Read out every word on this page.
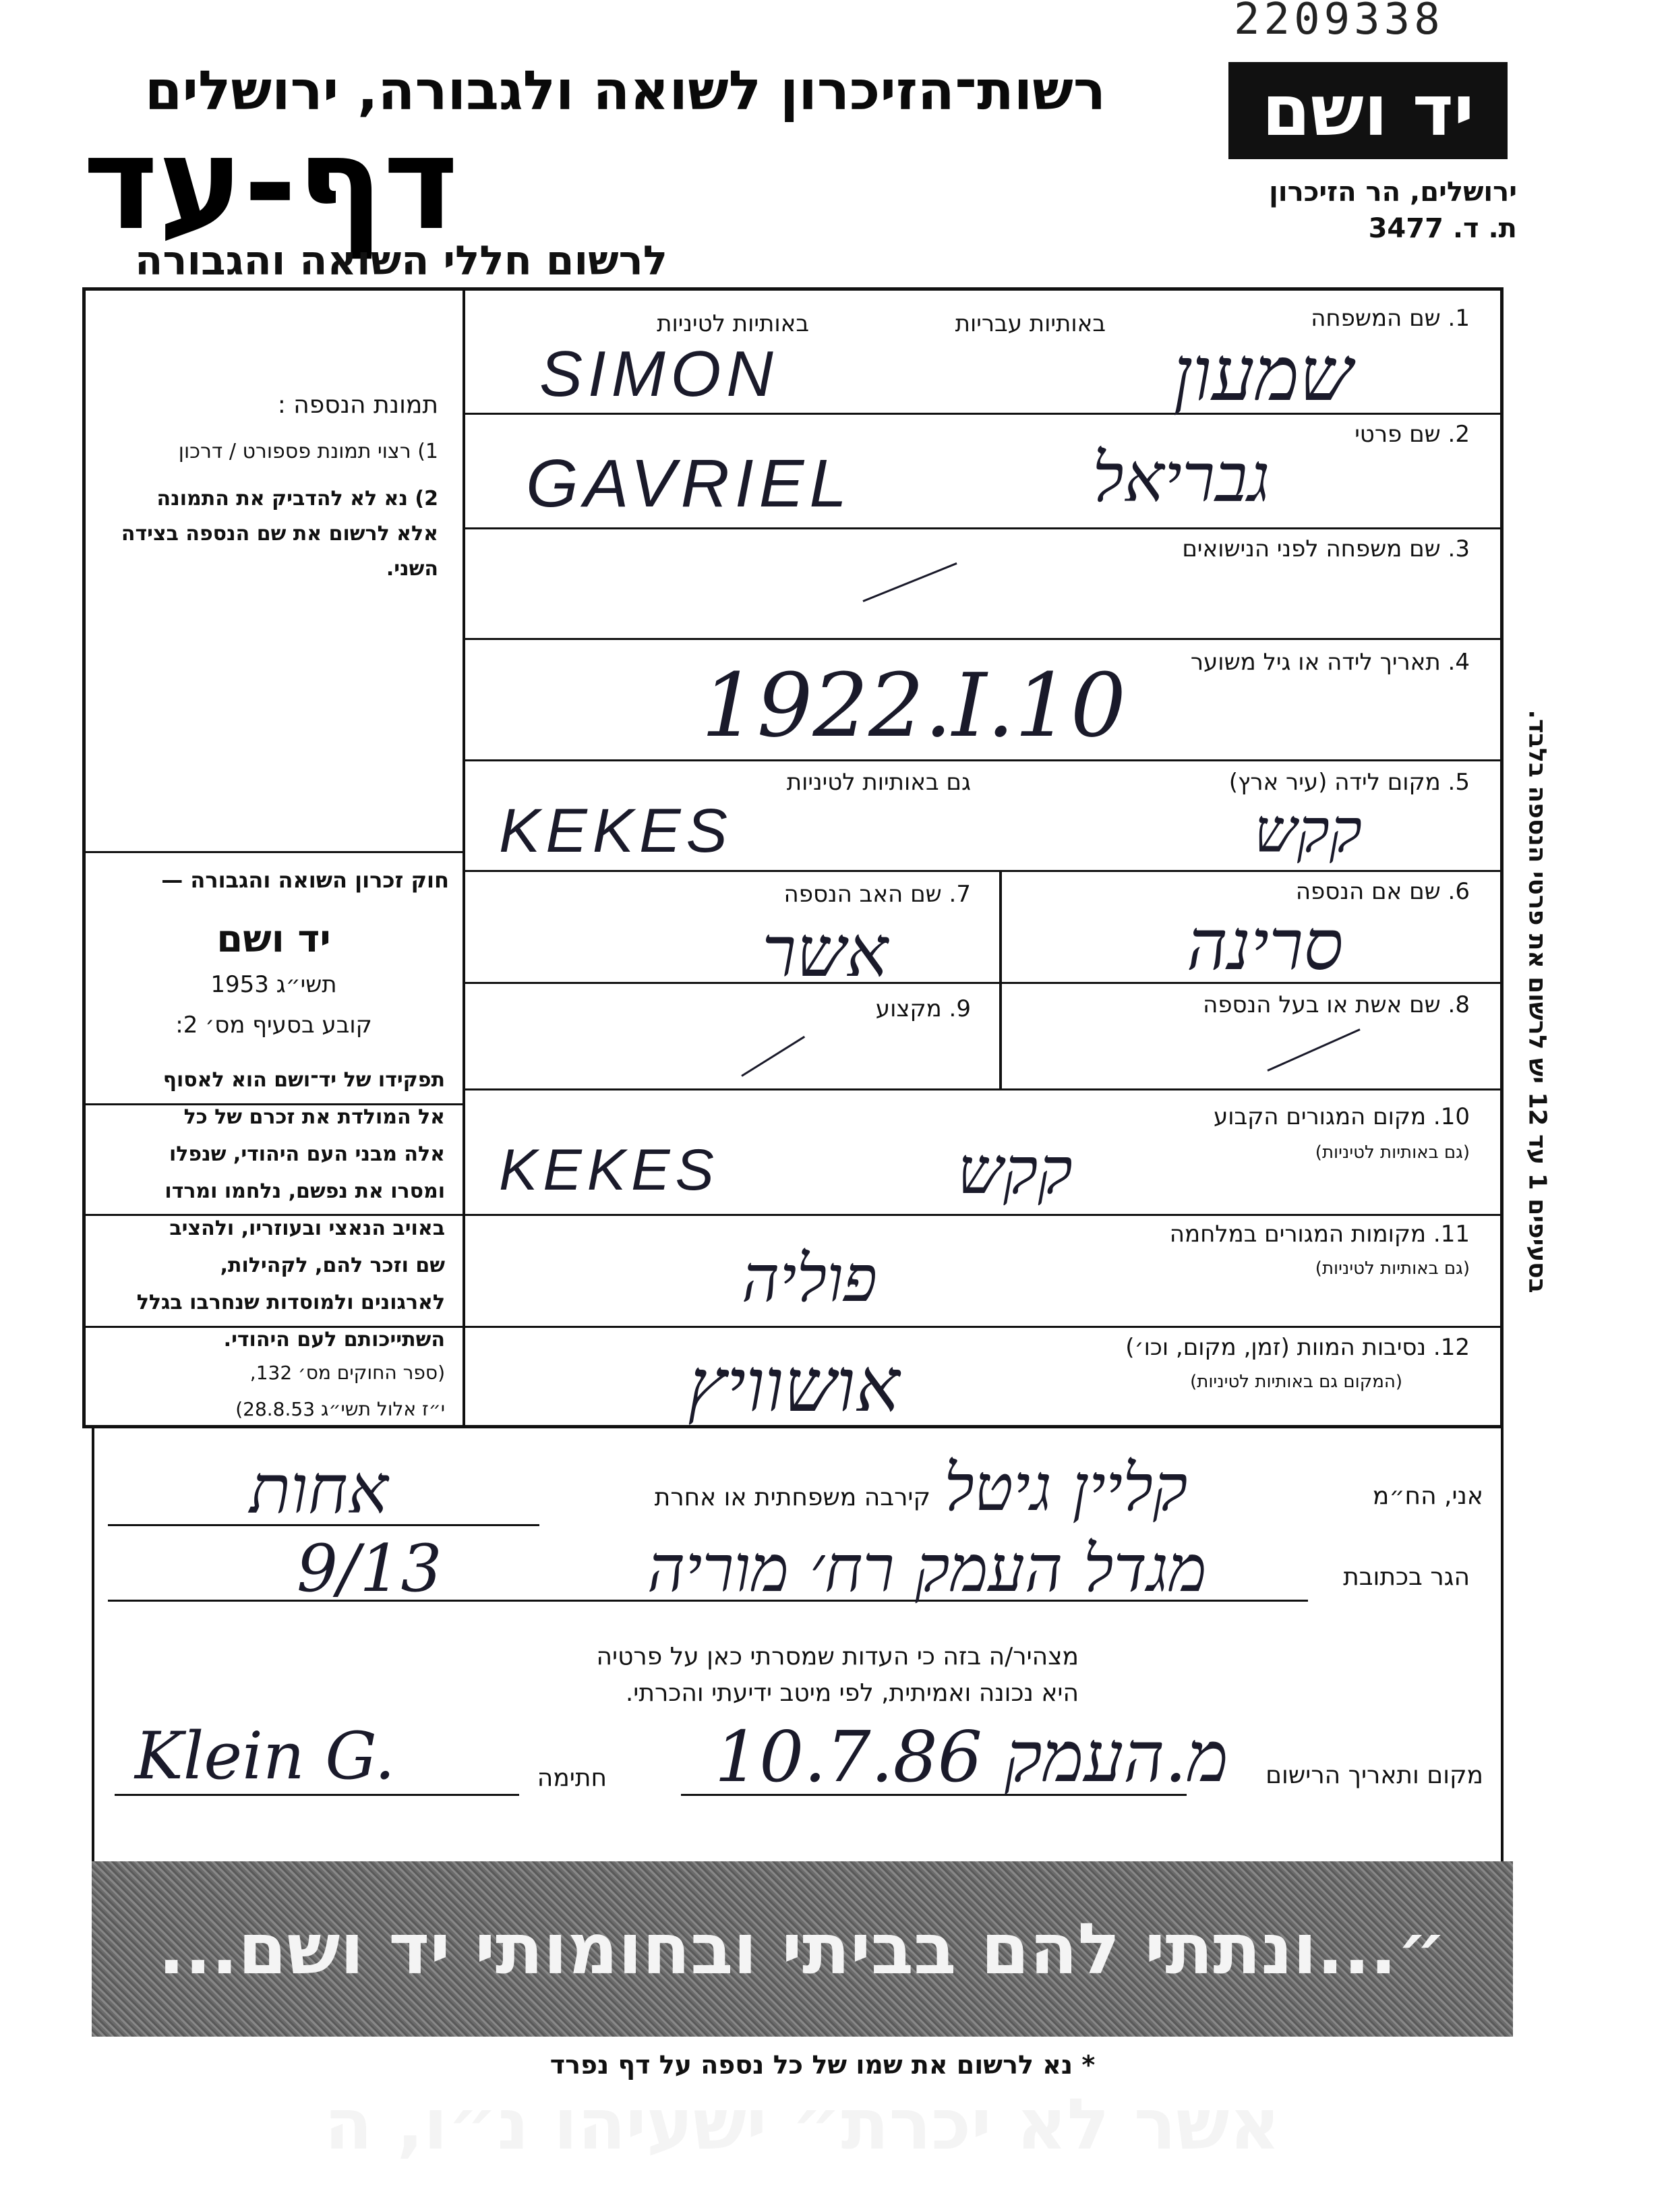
2209338
רשות־הזיכרון לשואה ולגבורה, ירושלים
דף-עד
לרשום חללי השואה והגבורה
יד ושם
ירושלים, הר הזיכרון
ת. ד. 3477
תמונת הנספה :
1) רצוי תמונת פספורט / דרכון
2) נא לא להדביק את התמונה
אלא לרשום את שם הנספה בצידה
השני.
חוק זכרון השואה והגבורה —
יד ושם
תשי״ג 1953
קובע בסעיף מס׳ 2:
תפקידו של יד־ושם הוא לאסוף
אל המולדת את זכרם של כל
אלה מבני העם היהודי, שנפלו
ומסרו את נפשם, נלחמו ומרדו
באויב הנאצי ובעוזריו, ולהציב
שם וזכר להם, לקהילות,
לארגונים ולמוסדות שנחרבו בגלל
השתייכותם לעם היהודי.
(ספר החוקים מס׳ 132,
י״ז אלול תשי״ג 28.8.53)
1. שם המשפחה
באותיות עבריות
באותיות לטיניות
שמעון
SIMON
2. שם פרטי
גבריאל
GAVRIEL
3. שם משפחה לפני הנישואים
4. תאריך לידה או גיל משוער
1922.I.10
5. מקום לידה (עיר ארץ)
גם באותיות לטיניות
קקש
KEKES
6. שם אם הנספה
סרינה
7. שם האב הנספה
אשר
8. שם אשת או בעל הנספה
9. מקצוע
10. מקום המגורים הקבוע
(גם באותיות לטיניות)
קקש
KEKES
11. מקומות המגורים במלחמה
(גם באותיות לטיניות)
פוליה
12. נסיבות המוות (זמן, מקום, וכו׳)
(המקום גם באותיות לטיניות)
אושוויץ
בסעיפים 1 עד 12 יש לרשום את פרטי הנספה בלבד.
אני, הח״מ
קליין גיטל
קירבה משפחתית או אחרת
אחות
הגר בכתובת
מגדל העמק רח׳ מוריה
9/13
מצהיר/ה בזה כי העדות שמסרתי כאן על פרטיה
היא נכונה ואמיתית, לפי מיטב ידיעתי והכרתי.
מקום ותאריך הרישום
מ.העמק 10.7.86
חתימה
Klein G.
״...ונתתי להם בביתי ובחומותי יד ושם... אשר לא יכרת״ ישעיהו נ״ו, ה
* נא לרשום את שמו של כל נספה על דף נפרד
